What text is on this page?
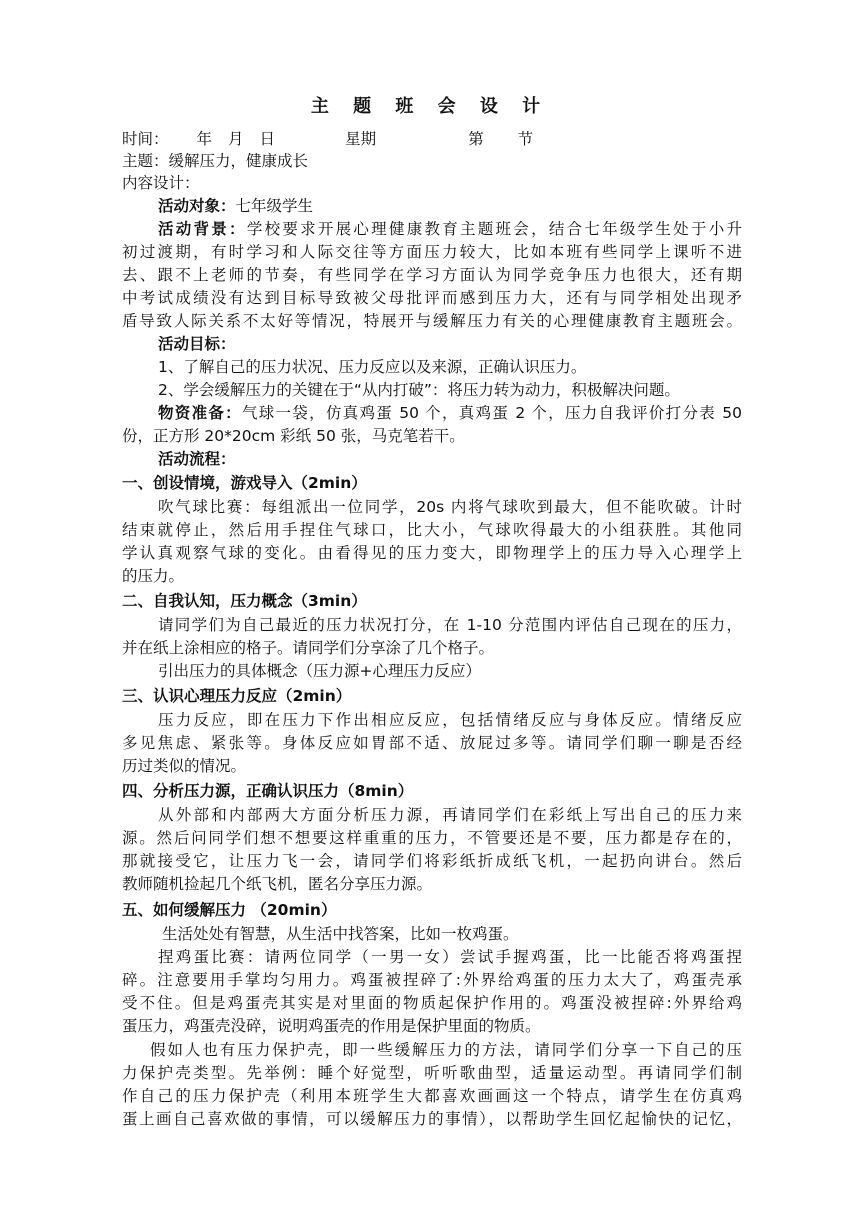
主 题 班 会 设 计
时间： 年 月 日	星期	第 节
主题：缓解压力，健康成长
内容设计：
活动对象：七年级学生
活动背景：学校要求开展心理健康教育主题班会，结合七年级学生处于小升
初过渡期，有时学习和人际交往等方面压力较大，比如本班有些同学上课听不进
去、跟不上老师的节奏，有些同学在学习方面认为同学竞争压力也很大，还有期
中考试成绩没有达到目标导致被父母批评而感到压力大，还有与同学相处出现矛
盾导致人际关系不太好等情况，特展开与缓解压力有关的心理健康教育主题班会。
活动目标：
1、了解自己的压力状况、压力反应以及来源，正确认识压力。
2、学会缓解压力的关键在于“从内打破”：将压力转为动力，积极解决问题。
物资准备：气球一袋，仿真鸡蛋 50 个，真鸡蛋 2 个，压力自我评价打分表 50
份，正方形 20*20cm 彩纸 50 张，马克笔若干。
活动流程：
一、创设情境，游戏导入（2min）
吹气球比赛：每组派出一位同学，20s 内将气球吹到最大，但不能吹破。计时
结束就停止，然后用手捏住气球口，比大小，气球吹得最大的小组获胜。其他同
学认真观察气球的变化。由看得见的压力变大，即物理学上的压力导入心理学上
的压力。
二、自我认知，压力概念（3min）
请同学们为自己最近的压力状况打分，在 1-10 分范围内评估自己现在的压力，
并在纸上涂相应的格子。请同学们分享涂了几个格子。
引出压力的具体概念（压力源+心理压力反应）
三、认识心理压力反应（2min）
压力反应，即在压力下作出相应反应，包括情绪反应与身体反应。情绪反应
多见焦虑、紧张等。身体反应如胃部不适、放屁过多等。请同学们聊一聊是否经
历过类似的情况。
四、分析压力源，正确认识压力（8min）
从外部和内部两大方面分析压力源，再请同学们在彩纸上写出自己的压力来
源。然后问同学们想不想要这样重重的压力，不管要还是不要，压力都是存在的，
那就接受它，让压力飞一会，请同学们将彩纸折成纸飞机，一起扔向讲台。然后
教师随机捡起几个纸飞机，匿名分享压力源。
五、如何缓解压力 （20min）
生活处处有智慧，从生活中找答案，比如一枚鸡蛋。
捏鸡蛋比赛：请两位同学（一男一女）尝试手握鸡蛋，比一比能否将鸡蛋捏
碎。注意要用手掌均匀用力。鸡蛋被捏碎了:外界给鸡蛋的压力太大了，鸡蛋壳承
受不住。但是鸡蛋壳其实是对里面的物质起保护作用的。鸡蛋没被捏碎:外界给鸡
蛋压力，鸡蛋壳没碎，说明鸡蛋壳的作用是保护里面的物质。
假如人也有压力保护壳，即一些缓解压力的方法，请同学们分享一下自己的压
力保护壳类型。先举例：睡个好觉型，听听歌曲型，适量运动型。再请同学们制
作自己的压力保护壳（利用本班学生大都喜欢画画这一个特点，请学生在仿真鸡
蛋上画自己喜欢做的事情，可以缓解压力的事情），以帮助学生回忆起愉快的记忆，
